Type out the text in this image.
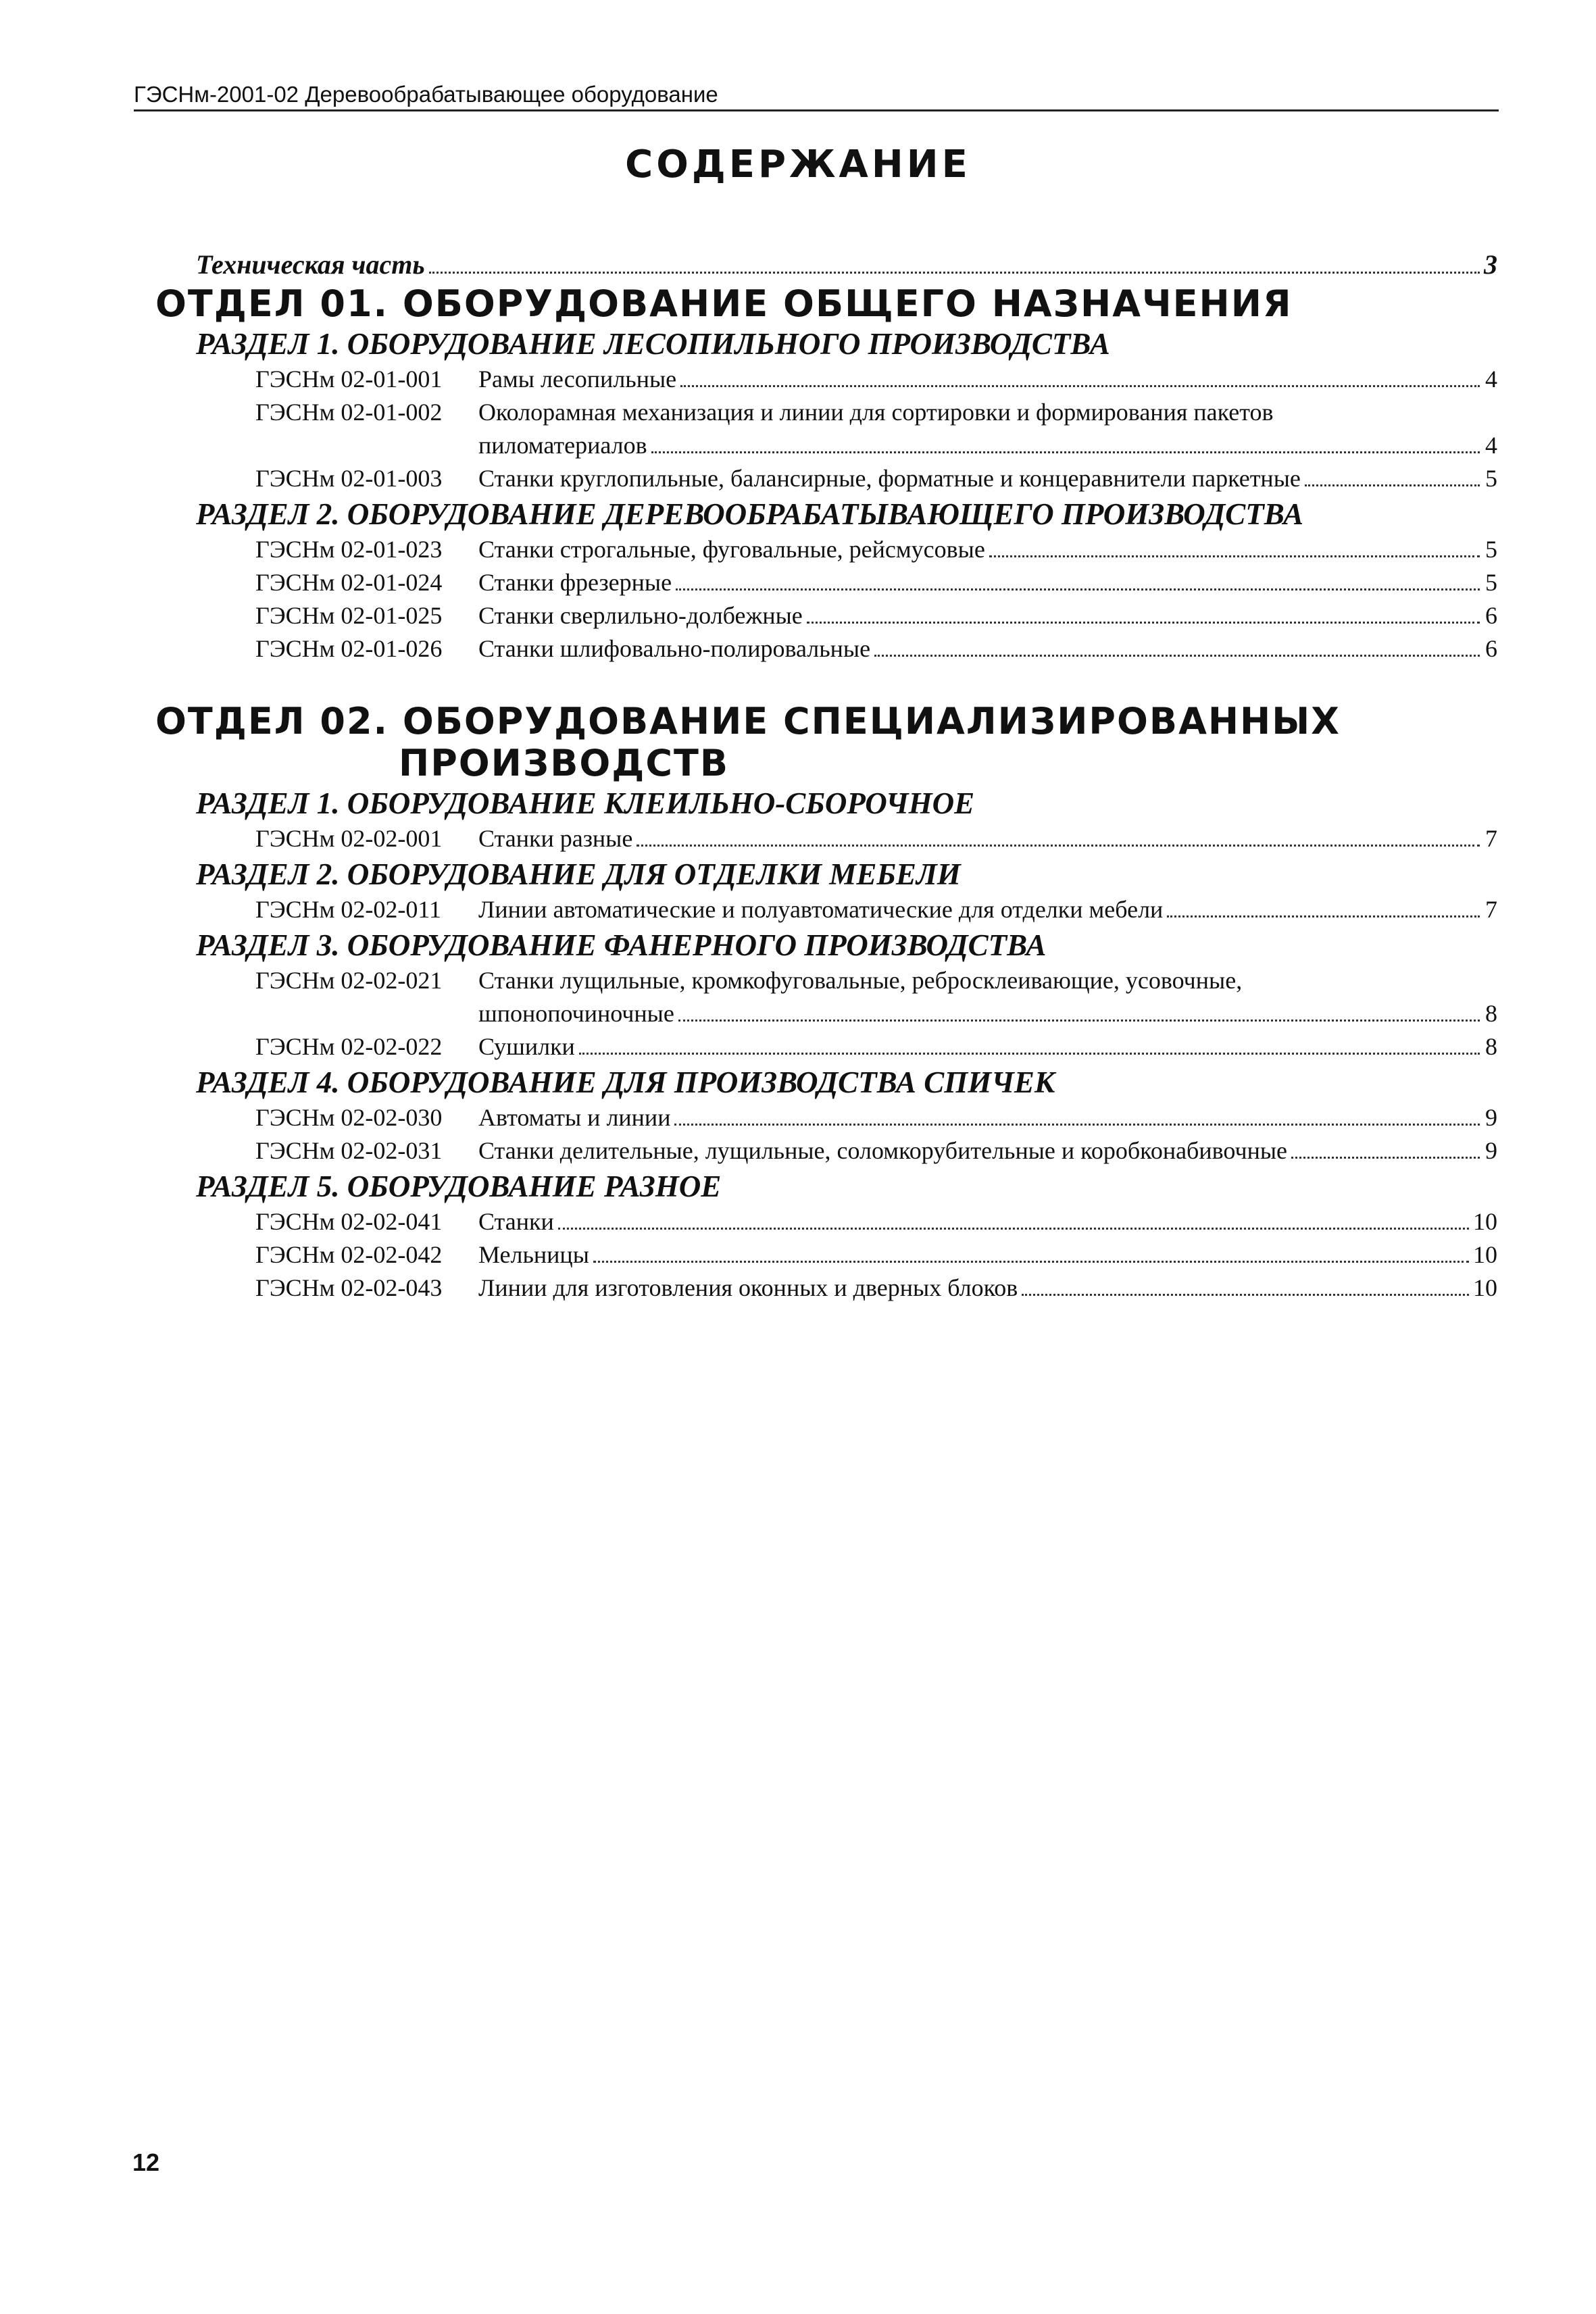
ГЭСНм-2001-02 Деревообрабатывающее оборудование
СОДЕРЖАНИЕ
Техническая часть	3
ОТДЕЛ 01. ОБОРУДОВАНИЕ ОБЩЕГО НАЗНАЧЕНИЯ
РАЗДЕЛ 1. ОБОРУДОВАНИЕ ЛЕСОПИЛЬНОГО ПРОИЗВОДСТВА
ГЭСНм 02-01-001	Рамы лесопильные	4
ГЭСНм 02-01-002	Околорамная механизация и линии для сортировки и формирования пакетов
пиломатериалов	4
ГЭСНм 02-01-003	Станки круглопильные, балансирные, форматные и концеравнители паркетные	5
РАЗДЕЛ 2. ОБОРУДОВАНИЕ ДЕРЕВООБРАБАТЫВАЮЩЕГО ПРОИЗВОДСТВА
ГЭСНм 02-01-023	Станки строгальные, фуговальные, рейсмусовые	5
ГЭСНм 02-01-024	Станки фрезерные	5
ГЭСНм 02-01-025	Станки сверлильно-долбежные	6
ГЭСНм 02-01-026	Станки шлифовально-полировальные	6
ОТДЕЛ 02. ОБОРУДОВАНИЕ СПЕЦИАЛИЗИРОВАННЫХ
ПРОИЗВОДСТВ
РАЗДЕЛ 1. ОБОРУДОВАНИЕ КЛЕИЛЬНО-СБОРОЧНОЕ
ГЭСНм 02-02-001	Станки разные	7
РАЗДЕЛ 2. ОБОРУДОВАНИЕ ДЛЯ ОТДЕЛКИ МЕБЕЛИ
ГЭСНм 02-02-011	Линии автоматические и полуавтоматические для отделки мебели	7
РАЗДЕЛ 3. ОБОРУДОВАНИЕ ФАНЕРНОГО ПРОИЗВОДСТВА
ГЭСНм 02-02-021	Станки лущильные, кромкофуговальные, ребросклеивающие, усовочные,
шпонопочиночные	8
ГЭСНм 02-02-022	Сушилки	8
РАЗДЕЛ 4. ОБОРУДОВАНИЕ ДЛЯ ПРОИЗВОДСТВА СПИЧЕК
ГЭСНм 02-02-030	Автоматы и линии	9
ГЭСНм 02-02-031	Станки делительные, лущильные, соломкорубительные и коробконабивочные	9
РАЗДЕЛ 5. ОБОРУДОВАНИЕ РАЗНОЕ
ГЭСНм 02-02-041	Станки	10
ГЭСНм 02-02-042	Мельницы	10
ГЭСНм 02-02-043	Линии для изготовления оконных и дверных блоков	10
12
